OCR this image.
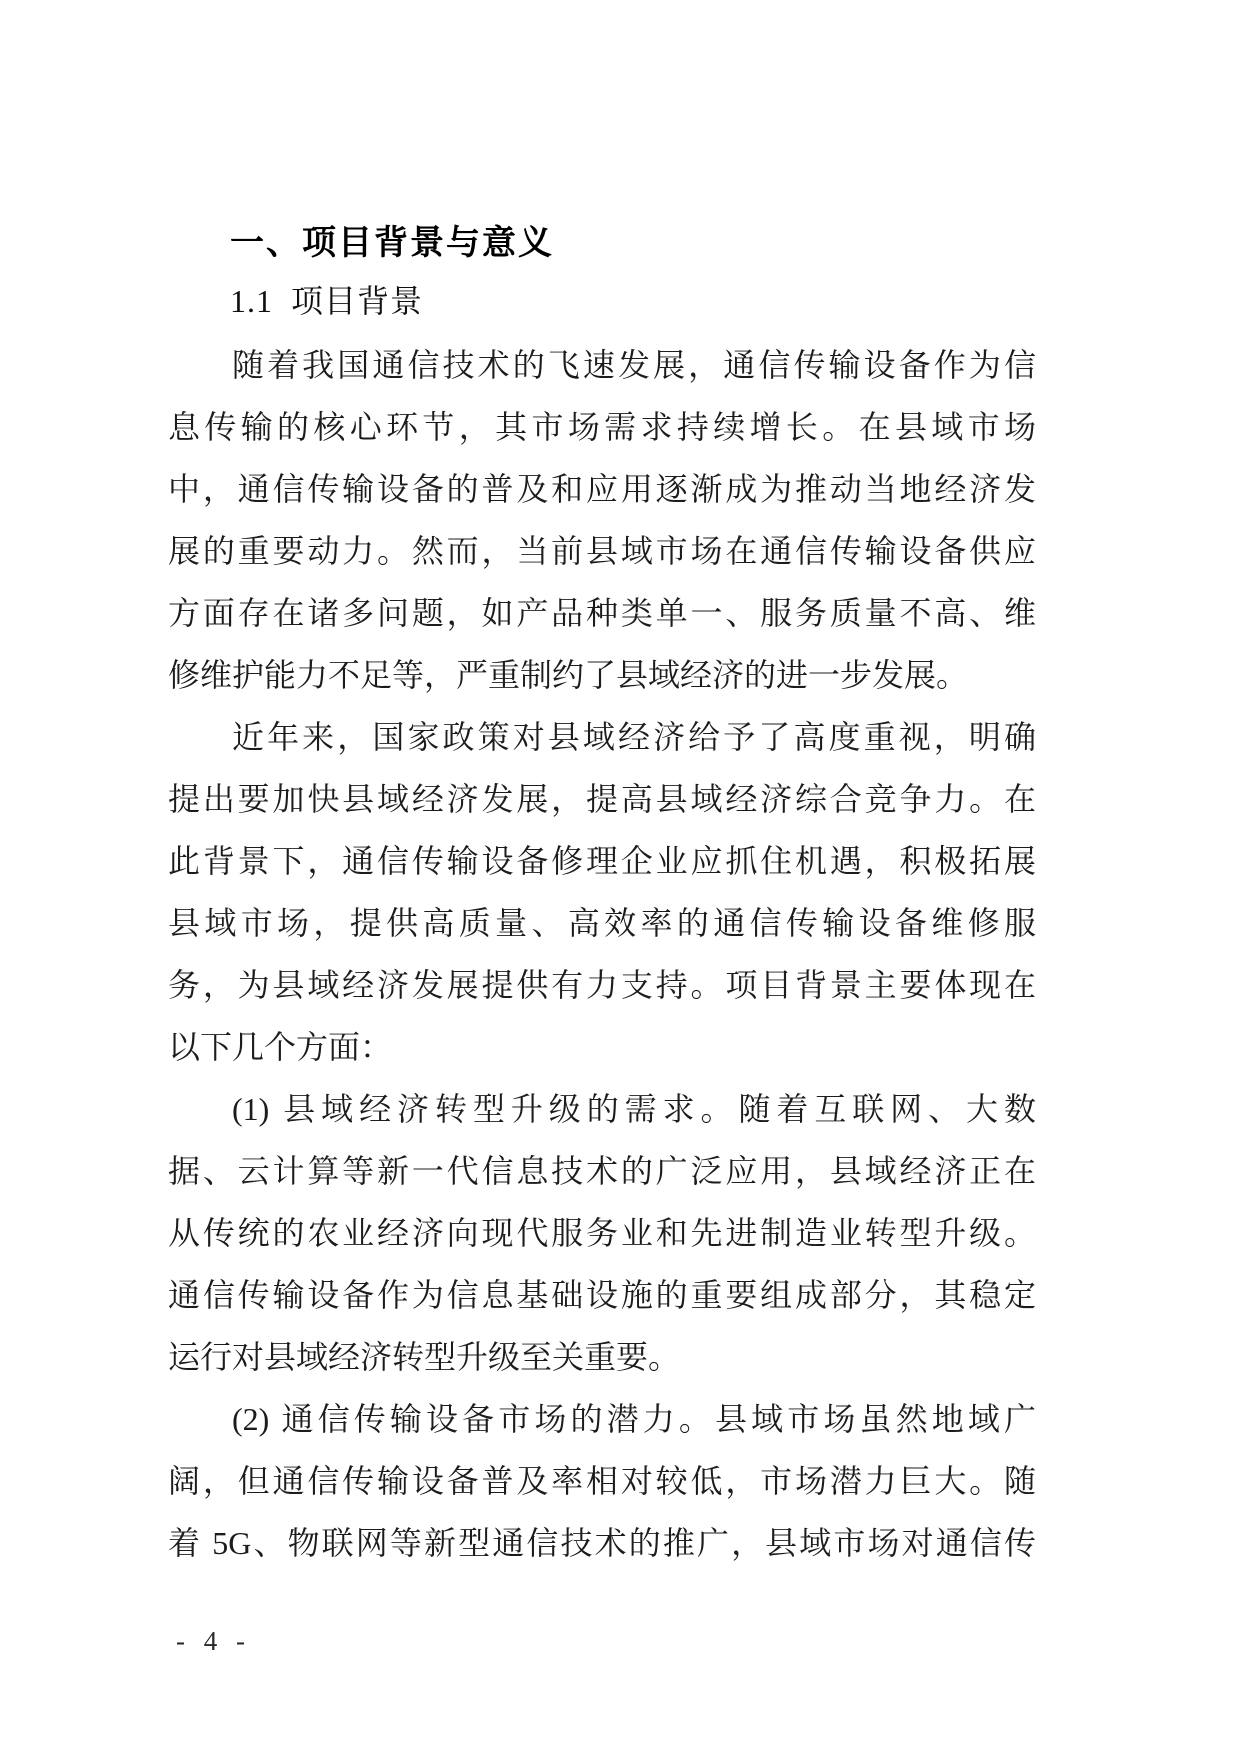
一、项目背景与意义
1.1  项目背景
随着我国通信技术的飞速发展，通信传输设备作为信
息传输的核心环节，其市场需求持续增长。在县域市场
中，通信传输设备的普及和应用逐渐成为推动当地经济发
展的重要动力。然而，当前县域市场在通信传输设备供应
方面存在诸多问题，如产品种类单一、服务质量不高、维
修维护能力不足等，严重制约了县域经济的进一步发展。
近年来，国家政策对县域经济给予了高度重视，明确
提出要加快县域经济发展，提高县域经济综合竞争力。在
此背景下，通信传输设备修理企业应抓住机遇，积极拓展
县域市场，提供高质量、高效率的通信传输设备维修服
务，为县域经济发展提供有力支持。项目背景主要体现在
以下几个方面：
(1) 县域经济转型升级的需求。随着互联网、大数
据、云计算等新一代信息技术的广泛应用，县域经济正在
从传统的农业经济向现代服务业和先进制造业转型升级。
通信传输设备作为信息基础设施的重要组成部分，其稳定
运行对县域经济转型升级至关重要。
(2) 通信传输设备市场的潜力。县域市场虽然地域广
阔，但通信传输设备普及率相对较低，市场潜力巨大。随
着 5G、物联网等新型通信技术的推广，县域市场对通信传
- 4 -
